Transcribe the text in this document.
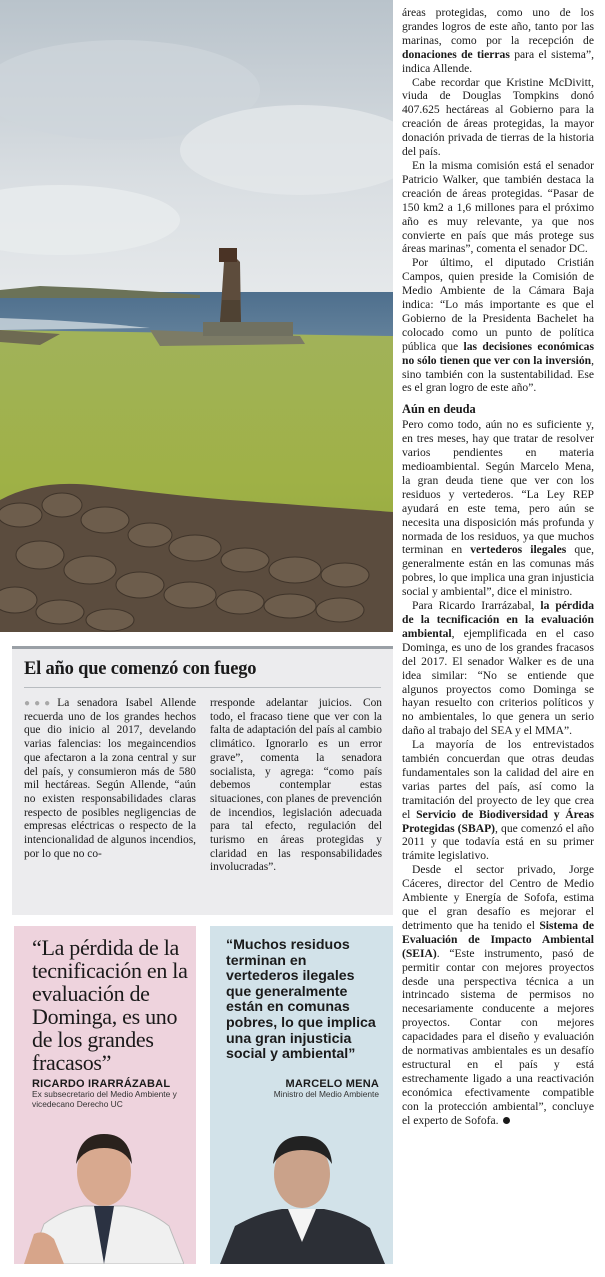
áreas protegidas, como uno de los grandes logros de este año, tanto por las marinas, como por la recepción de donaciones de tierras para el sistema”, indica Allende.

Cabe recordar que Kristine McDivitt, viuda de Douglas Tompkins donó 407.625 hectáreas al Gobierno para la creación de áreas protegidas, la mayor donación privada de tierras de la historia del país.

En la misma comisión está el senador Patricio Walker, que también destaca la creación de áreas protegidas. “Pasar de 150 km2 a 1,6 millones para el próximo año es muy relevante, ya que nos convierte en país que más protege sus áreas marinas”, comenta el senador DC.

Por último, el diputado Cristián Campos, quien preside la Comisión de Medio Ambiente de la Cámara Baja indica: “Lo más importante es que el Gobierno de la Presidenta Bachelet ha colocado como un punto de política pública que las decisiones económicas no sólo tienen que ver con la inversión, sino también con la sustentabilidad. Ese es el gran logro de este año”.

Aún en deuda

Pero como todo, aún no es suficiente y, en tres meses, hay que tratar de resolver varios pendientes en materia medioambiental. Según Marcelo Mena, la gran deuda tiene que ver con los residuos y vertederos. “La Ley REP ayudará en este tema, pero aún se necesita una disposición más profunda y normada de los residuos, ya que muchos terminan en vertederos ilegales que, generalmente están en las comunas más pobres, lo que implica una gran injusticia social y ambiental”, dice el ministro.

Para Ricardo Irarrázabal, la pérdida de la tecnificación en la evaluación ambiental, ejemplificada en el caso Dominga, es uno de los grandes fracasos del 2017. El senador Walker es de una idea similar: “No se entiende que algunos proyectos como Dominga se hayan resuelto con criterios políticos y no ambientales, lo que genera un serio daño al trabajo del SEA y el MMA”.

La mayoría de los entrevistados también concuerdan que otras deudas fundamentales son la calidad del aire en varias partes del país, así como la tramitación del proyecto de ley que crea el Servicio de Biodiversidad y Áreas Protegidas (SBAP), que comenzó el año 2011 y que todavía está en su primer trámite legislativo.

Desde el sector privado, Jorge Cáceres, director del Centro de Medio Ambiente y Energía de Sofofa, estima que el gran desafío es mejorar el detrimento que ha tenido el Sistema de Evaluación de Impacto Ambiental (SEIA). “Este instrumento, pasó de permitir contar con mejores proyectos desde una perspectiva técnica a un intrincado sistema de permisos no necesariamente conducente a mejores proyectos. Contar con mejores capacidades para el diseño y evaluación de normativas ambientales es un desafío estructural en el país y está estrechamente ligado a una reactivación económica efectivamente compatible con la protección ambiental”, concluye el experto de Sofofa.

El año que comenzó con fuego
●●● La senadora Isabel Allende recuerda uno de los grandes hechos que dio inicio al 2017, develando varias falencias: los megaincendios que afectaron a la zona central y sur del país, y consumieron más de 580 mil hectáreas. Según Allende, “aún no existen responsabilidades claras respecto de posibles negligencias de empresas eléctricas o respecto de la intencionalidad de algunos incendios, por lo que no co-
rresponde adelantar juicios. Con todo, el fracaso tiene que ver con la falta de adaptación del país al cambio climático. Ignorarlo es un error grave”, comenta la senadora socialista, y agrega: “como país debemos contemplar estas situaciones, con planes de prevención de incendios, legislación adecuada para tal efecto, regulación del turismo en áreas protegidas y claridad en las responsabilidades involucradas”.
“La pérdida de la tecnificación en la evaluación de Dominga, es uno de los grandes fracasos”
RICARDO IRARRÁZABAL
Ex subsecretario del Medio Ambiente y vicedecano Derecho UC
“Muchos residuos terminan en vertederos ilegales que generalmente están en comunas pobres, lo que implica una gran injusticia social y ambiental”
MARCELO MENA
Ministro del Medio Ambiente
